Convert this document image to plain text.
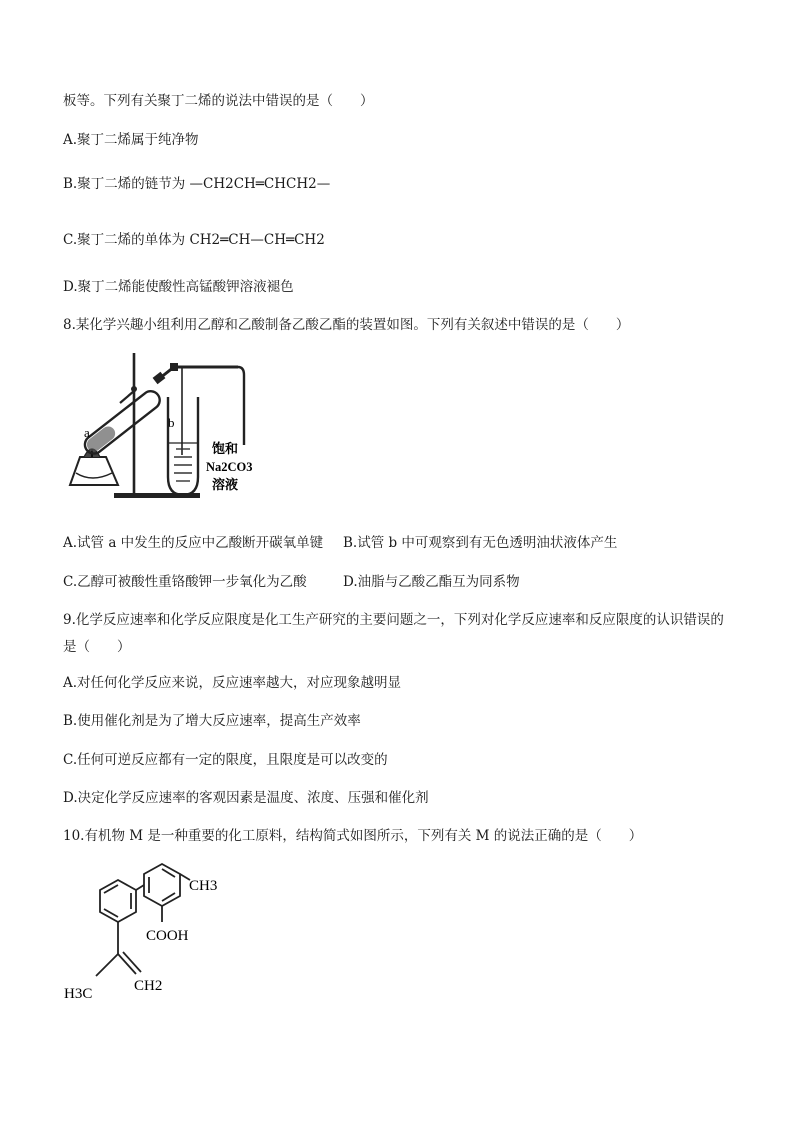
板等。下列有关聚丁二烯的说法中错误的是（　　）
A.聚丁二烯属于纯净物
B.聚丁二烯的链节为 —CH2CH═CHCH2—
C.聚丁二烯的单体为 CH2═CH—CH═CH2
D.聚丁二烯能使酸性高锰酸钾溶液褪色
8.某化学兴趣小组利用乙醇和乙酸制备乙酸乙酯的装置如图。下列有关叙述中错误的是（　　）
a
b
饱和
Na2CO3
溶液
A.试管 a 中发生的反应中乙酸断开碳氧单键 B.试管 b 中可观察到有无色透明油状液体产生
C.乙醇可被酸性重铬酸钾一步氧化为乙酸	D.油脂与乙酸乙酯互为同系物
9.化学反应速率和化学反应限度是化工生产研究的主要问题之一，下列对化学反应速率和反应限度的认识错误的是（　　）
A.对任何化学反应来说，反应速率越大，对应现象越明显
B.使用催化剂是为了增大反应速率，提高生产效率
C.任何可逆反应都有一定的限度，且限度是可以改变的
D.决定化学反应速率的客观因素是温度、浓度、压强和催化剂
10.有机物 M 是一种重要的化工原料，结构简式如图所示，下列有关 M 的说法正确的是（　　）
CH3
COOH
H3C	CH2
